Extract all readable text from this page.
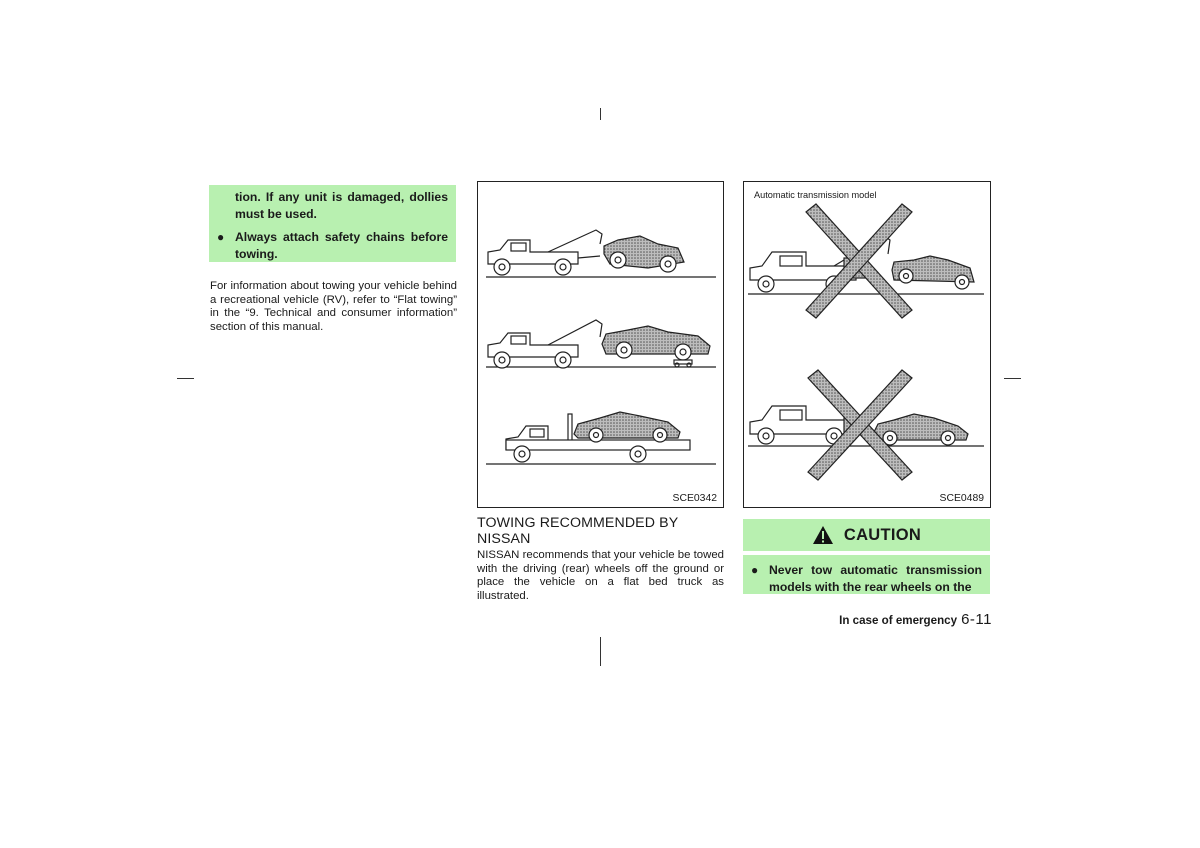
tion. If any unit is damaged, dollies must be used.
● Always attach safety chains before towing.
For information about towing your vehicle behind a recreational vehicle (RV), refer to “Flat towing” in the “9. Technical and consumer information” section of this manual.
SCE0342
Automatic transmission model
SCE0489
TOWING RECOMMENDED BY NISSAN
NISSAN recommends that your vehicle be towed with the driving (rear) wheels off the ground or place the vehicle on a flat bed truck as illustrated.
CAUTION
● Never tow automatic transmission models with the rear wheels on the
In case of emergency 6-11
